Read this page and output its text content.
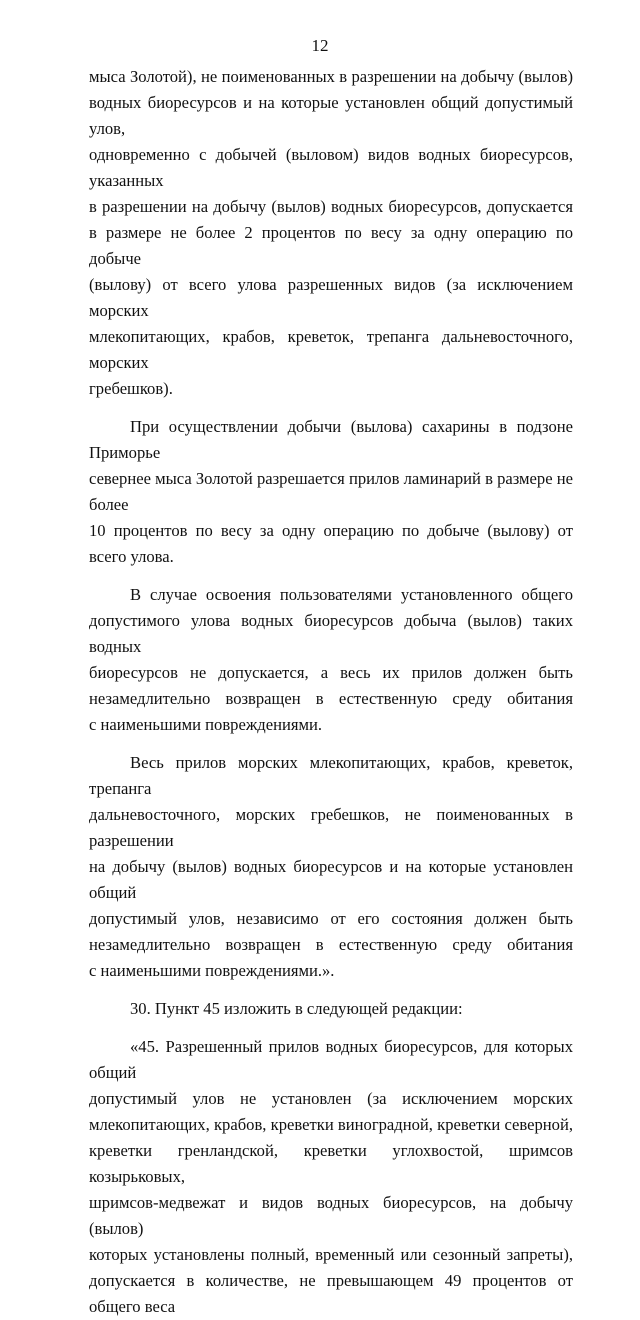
12

мыса Золотой), не поименованных в разрешении на добычу (вылов)
водных биоресурсов и на которые установлен общий допустимый улов,
одновременно с добычей (выловом) видов водных биоресурсов, указанных
в разрешении на добычу (вылов) водных биоресурсов, допускается
в размере не более 2 процентов по весу за одну операцию по добыче
(вылову) от всего улова разрешенных видов (за исключением морских
млекопитающих, крабов, креветок, трепанга дальневосточного, морских
гребешков).

При осуществлении добычи (вылова) сахарины в подзоне Приморье
севернее мыса Золотой разрешается прилов ламинарий в размере не более
10 процентов по весу за одну операцию по добыче (вылову) от всего улова.

В случае освоения пользователями установленного общего
допустимого улова водных биоресурсов добыча (вылов) таких водных
биоресурсов не допускается, а весь их прилов должен быть
незамедлительно возвращен в естественную среду обитания
с наименьшими повреждениями.

Весь прилов морских млекопитающих, крабов, креветок, трепанга
дальневосточного, морских гребешков, не поименованных в разрешении
на добычу (вылов) водных биоресурсов и на которые установлен общий
допустимый улов, независимо от его состояния должен быть
незамедлительно возвращен в естественную среду обитания
с наименьшими повреждениями.».

30. Пункт 45 изложить в следующей редакции:

«45. Разрешенный прилов водных биоресурсов, для которых общий
допустимый улов не установлен (за исключением морских
млекопитающих, крабов, креветки виноградной, креветки северной,
креветки гренландской, креветки углохвостой, шримсов козырьковых,
шримсов-медвежат и видов водных биоресурсов, на добычу (вылов)
которых установлены полный, временный или сезонный запреты),
допускается в количестве, не превышающем 49 процентов от общего веса
